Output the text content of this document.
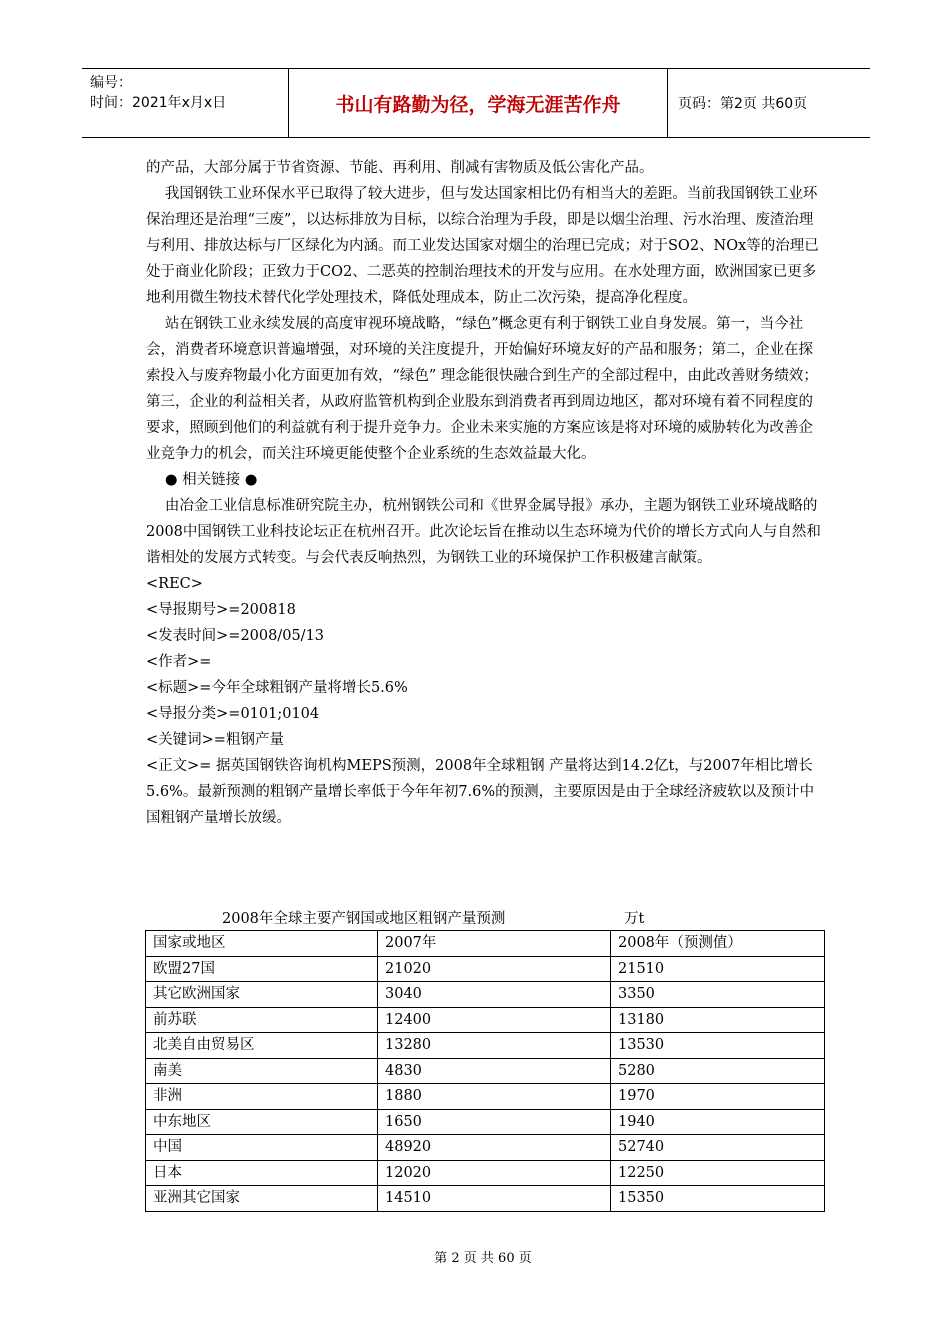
编号：
时间：2021年x月x日	书山有路勤为径，学海无涯苦作舟	页码：第2页 共60页

的产品，大部分属于节省资源、节能、再利用、削减有害物质及低公害化产品。

我国钢铁工业环保水平已取得了较大进步，但与发达国家相比仍有相当大的差距。当前我国钢铁工业环保治理还是治理“三废”，以达标排放为目标，以综合治理为手段，即是以烟尘治理、污水治理、废渣治理与利用、排放达标与厂区绿化为内涵。而工业发达国家对烟尘的治理已完成；对于SO2、NOx等的治理已处于商业化阶段；正致力于CO2、二恶英的控制治理技术的开发与应用。在水处理方面，欧洲国家已更多地利用微生物技术替代化学处理技术，降低处理成本，防止二次污染，提高净化程度。

站在钢铁工业永续发展的高度审视环境战略，“绿色”概念更有利于钢铁工业自身发展。第一，当今社会，消费者环境意识普遍增强，对环境的关注度提升，开始偏好环境友好的产品和服务；第二，企业在探索投入与废弃物最小化方面更加有效，“绿色” 理念能很快融合到生产的全部过程中，由此改善财务绩效；第三，企业的利益相关者，从政府监管机构到企业股东到消费者再到周边地区，都对环境有着不同程度的要求，照顾到他们的利益就有利于提升竞争力。企业未来实施的方案应该是将对环境的威胁转化为改善企业竞争力的机会，而关注环境更能使整个企业系统的生态效益最大化。

● 相关链接 ●

由冶金工业信息标准研究院主办，杭州钢铁公司和《世界金属导报》承办，主题为钢铁工业环境战略的2008中国钢铁工业科技论坛正在杭州召开。此次论坛旨在推动以生态环境为代价的增长方式向人与自然和谐相处的发展方式转变。与会代表反响热烈，为钢铁工业的环境保护工作积极建言献策。

<REC>

<导报期号>=200818

<发表时间>=2008/05/13

<作者>=

<标题>=今年全球粗钢产量将增长5.6%

<导报分类>=0101;0104

<关键词>=粗钢产量

<正文>= 据英国钢铁咨询机构MEPS预测，2008年全球粗钢 产量将达到14.2亿t，与2007年相比增长5.6%。最新预测的粗钢产量增长率低于今年年初7.6%的预测，主要原因是由于全球经济疲软以及预计中国粗钢产量增长放缓。

2008年全球主要产钢国或地区粗钢产量预测	万t
国家或地区	2007年	2008年（预测值）
欧盟27国	21020	21510
其它欧洲国家	3040	3350
前苏联	12400	13180
北美自由贸易区	13280	13530
南美	4830	5280
非洲	1880	1970
中东地区	1650	1940
中国	48920	52740
日本	12020	12250
亚洲其它国家	14510	15350
第 2 页 共 60 页
